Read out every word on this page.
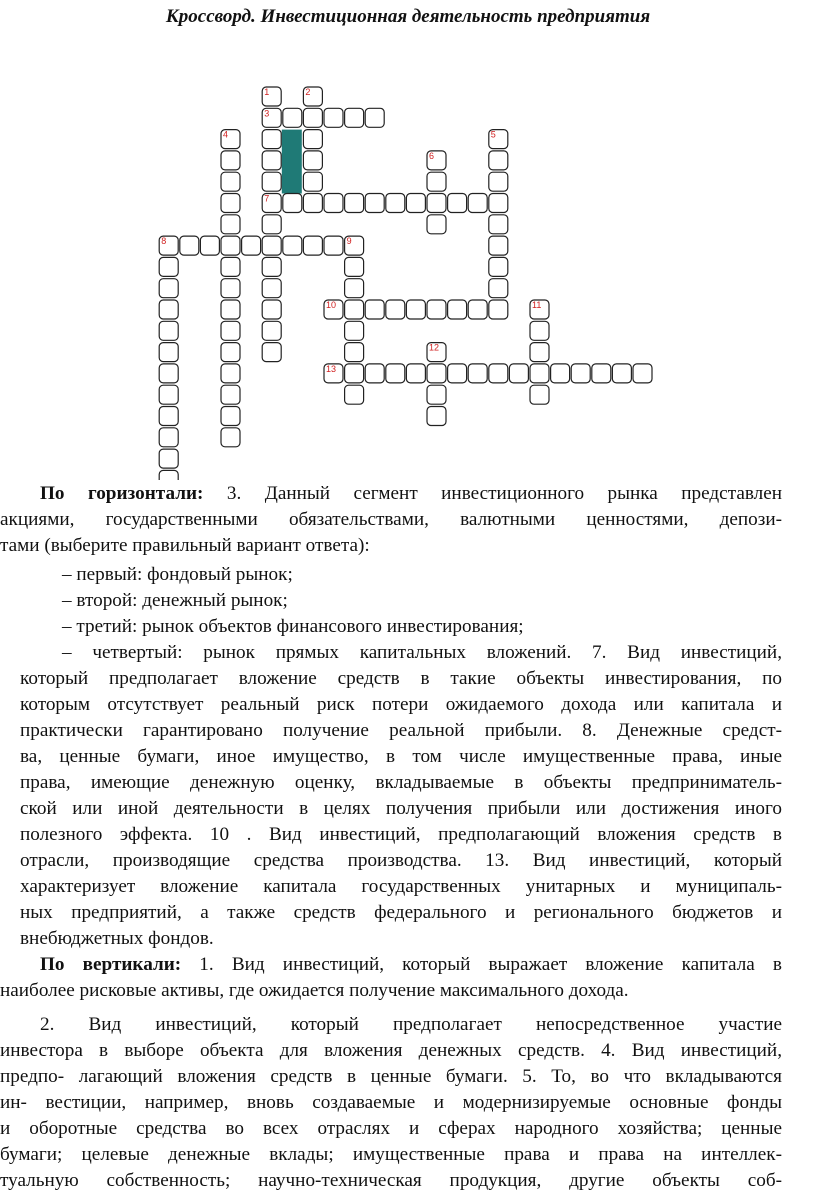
Кроссворд. Инвестиционная деятельность предприятия
1	2
3
4	5
6
7
8	9
10	11
12
13

По горизонтали: 3. Данный сегмент инвестиционного рынка представлен

акциями, государственными обязательствами, валютными ценностями, депози-

тами (выберите правильный вариант ответа):

– первый: фондовый рынок;

– второй: денежный рынок;

– третий: рынок объектов финансового инвестирования;

– четвертый: рынок прямых капитальных вложений. 7. Вид инвестиций,

который предполагает вложение средств в такие объекты инвестирования, по

которым отсутствует реальный риск потери ожидаемого дохода или капитала и

практически гарантировано получение реальной прибыли. 8. Денежные средст-

ва, ценные бумаги, иное имущество, в том числе имущественные права, иные

права, имеющие денежную оценку, вкладываемые в объекты предприниматель-

ской или иной деятельности в целях получения прибыли или достижения иного

полезного эффекта. 10 . Вид инвестиций, предполагающий вложения средств в

отрасли, производящие средства производства. 13. Вид инвестиций, который

характеризует вложение капитала государственных унитарных и муниципаль-

ных предприятий, а также средств федерального и регионального бюджетов и

внебюджетных фондов.

По вертикали: 1. Вид инвестиций, который выражает вложение капитала в

наиболее рисковые активы, где ожидается получение максимального дохода.

2. Вид инвестиций, который предполагает непосредственное участие

инвестора в выборе объекта для вложения денежных средств. 4. Вид инвестиций,

предпо- лагающий вложения средств в ценные бумаги. 5. То, во что вкладываются

ин- вестиции, например, вновь создаваемые и модернизируемые основные фонды

и оборотные средства во всех отраслях и сферах народного хозяйства; ценные

бумаги; целевые денежные вклады; имущественные права и права на интеллек-

туальную собственность; научно-техническая продукция, другие объекты соб-
